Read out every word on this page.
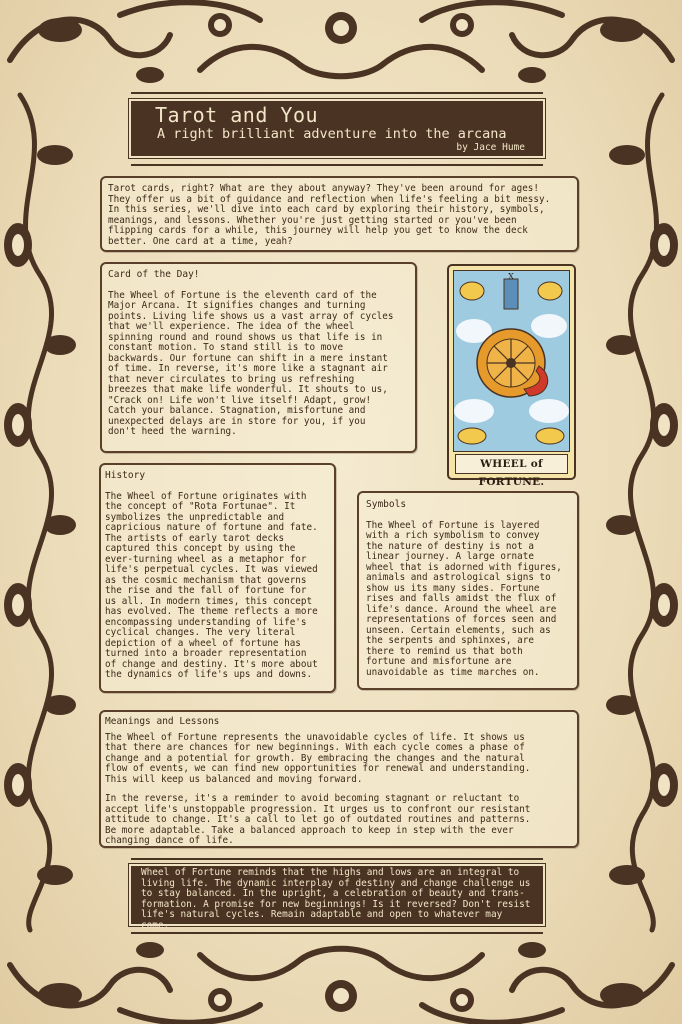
Tarot and You
A right brilliant adventure into the arcana
by Jace Hume

Tarot cards, right? What are they about anyway? They've been around for ages!
They offer us a bit of guidance and reflection when life's feeling a bit messy.
In this series, we'll dive into each card by exploring their history, symbols,
meanings, and lessons. Whether you're just getting started or you've been
flipping cards for a while, this journey will help you get to know the deck
better. One card at a time, yeah?

Card of the Day!

The Wheel of Fortune is the eleventh card of the
Major Arcana. It signifies changes and turning
points. Living life shows us a vast array of cycles
that we'll experience. The idea of the wheel
spinning round and round shows us that life is in
constant motion. To stand still is to move
backwards. Our fortune can shift in a mere instant
of time. In reverse, it's more like a stagnant air
that never circulates to bring us refreshing
breezes that make life wonderful. It shouts to us,
"Crack on! Life won't live itself! Adapt, grow!
Catch your balance. Stagnation, misfortune and
unexpected delays are in store for you, if you
don't heed the warning.

X
WHEEL of FORTUNE.

History

The Wheel of Fortune originates with
the concept of "Rota Fortunae". It
symbolizes the unpredictable and
capricious nature of fortune and fate.
The artists of early tarot decks
captured this concept by using the
ever-turning wheel as a metaphor for
life's perpetual cycles. It was viewed
as the cosmic mechanism that governs
the rise and the fall of fortune for
us all. In modern times, this concept
has evolved. The theme reflects a more
encompassing understanding of life's
cyclical changes. The very literal
depiction of a wheel of fortune has
turned into a broader representation
of change and destiny. It's more about
the dynamics of life's ups and downs.

Symbols

The Wheel of Fortune is layered
with a rich symbolism to convey
the nature of destiny is not a
linear journey. A large ornate
wheel that is adorned with figures,
animals and astrological signs to
show us its many sides. Fortune
rises and falls amidst the flux of
life's dance. Around the wheel are
representations of forces seen and
unseen. Certain elements, such as
the serpents and sphinxes, are
there to remind us that both
fortune and misfortune are
unavoidable as time marches on.

Meanings and Lessons

The Wheel of Fortune represents the unavoidable cycles of life. It shows us
that there are chances for new beginnings. With each cycle comes a phase of
change and a potential for growth. By embracing the changes and the natural
flow of events, we can find new opportunities for renewal and understanding.
This will keep us balanced and moving forward.

In the reverse, it's a reminder to avoid becoming stagnant or reluctant to
accept life's unstoppable progression. It urges us to confront our resistant
attitude to change. It's a call to let go of outdated routines and patterns.
Be more adaptable. Take a balanced approach to keep in step with the ever
changing dance of life.

Wheel of Fortune reminds that the highs and lows are an integral to
living life. The dynamic interplay of destiny and change challenge us
to stay balanced. In the upright, a celebration of beauty and trans-
formation. A promise for new beginnings! Is it reversed? Don't resist
life's natural cycles. Remain adaptable and open to whatever may come.
